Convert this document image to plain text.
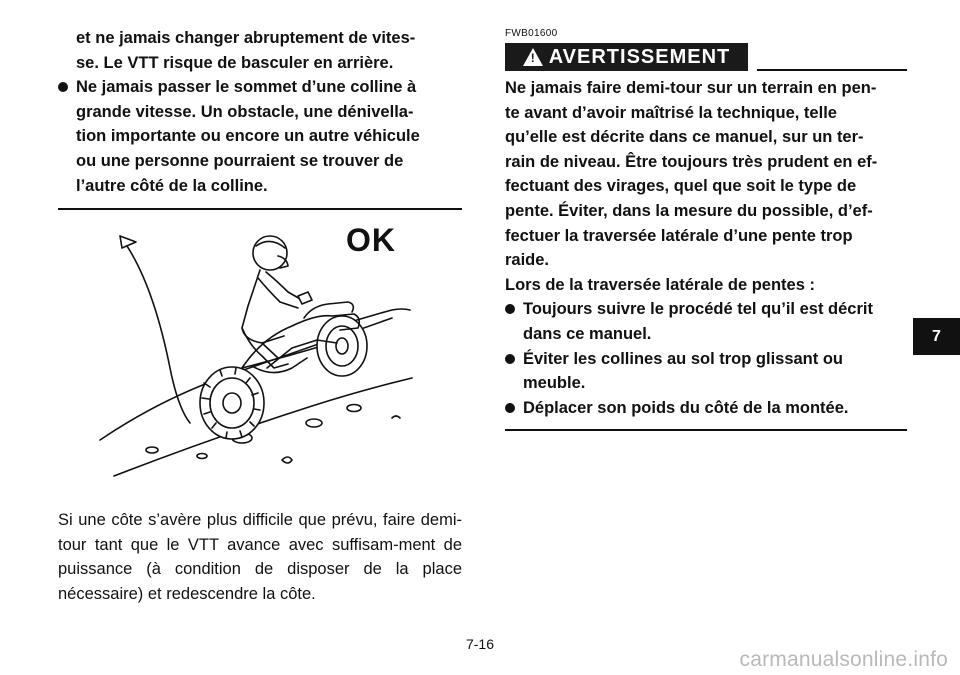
et ne jamais changer abruptement de vites-
se. Le VTT risque de basculer en arrière.

Ne jamais passer le sommet d’une colline à
grande vitesse. Un obstacle, une dénivella-
tion importante ou encore un autre véhicule
ou une personne pourraient se trouver de
l’autre côté de la colline.

OK

Si une côte s’avère plus difficile que prévu, faire demi-tour tant que le VTT avance avec suffisam-ment de puissance (à condition de disposer de la place nécessaire) et redescendre la côte.

FWB01600
! AVERTISSEMENT

Ne jamais faire demi-tour sur un terrain en pen-
te avant d’avoir maîtrisé la technique, telle
qu’elle est décrite dans ce manuel, sur un ter-
rain de niveau. Être toujours très prudent en ef-
fectuant des virages, quel que soit le type de
pente. Éviter, dans la mesure du possible, d’ef-
fectuer la traversée latérale d’une pente trop
raide.

Lors de la traversée latérale de pentes :

Toujours suivre le procédé tel qu’il est décrit
dans ce manuel.

Éviter les collines au sol trop glissant ou
meuble.

Déplacer son poids du côté de la montée.

7
7-16
carmanualsonline.info
